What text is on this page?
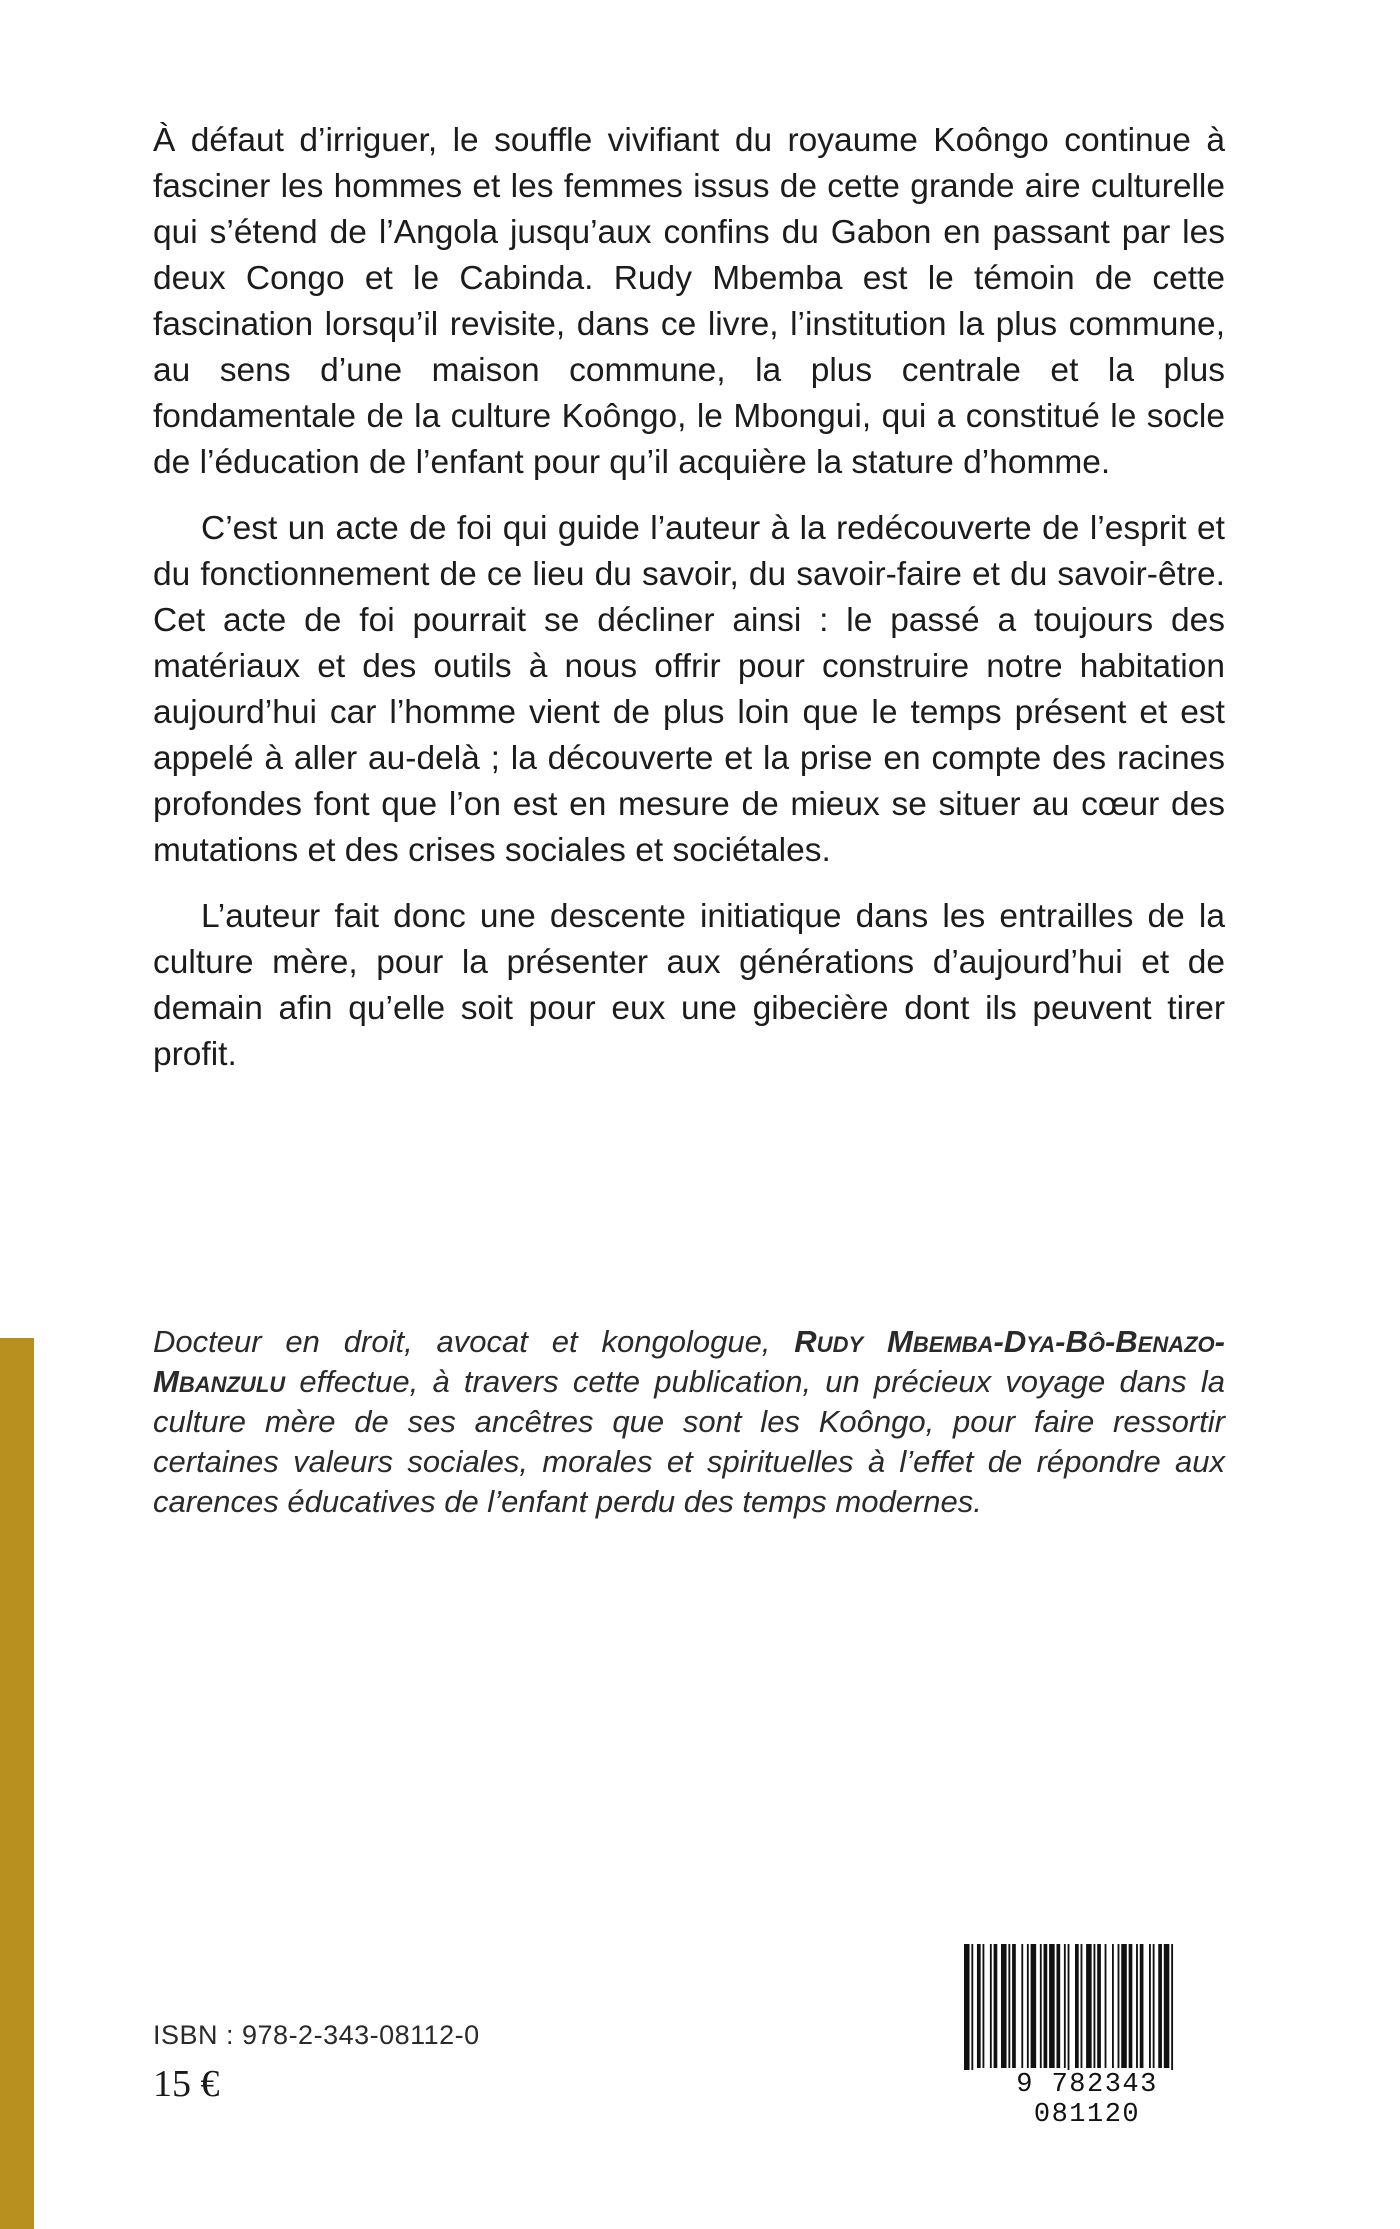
À défaut d’irriguer, le souffle vivifiant du royaume Koôngo continue à fasciner les hommes et les femmes issus de cette grande aire culturelle qui s’étend de l’Angola jusqu’aux confins du Gabon en passant par les deux Congo et le Cabinda. Rudy Mbemba est le témoin de cette fascination lorsqu’il revisite, dans ce livre, l’institution la plus commune, au sens d’une maison commune, la plus centrale et la plus fondamentale de la culture Koôngo, le Mbongui, qui a constitué le socle de l’éducation de l’enfant pour qu’il acquière la stature d’homme.

C’est un acte de foi qui guide l’auteur à la redécouverte de l’esprit et du fonctionnement de ce lieu du savoir, du savoir-faire et du savoir-être. Cet acte de foi pourrait se décliner ainsi : le passé a toujours des matériaux et des outils à nous offrir pour construire notre habitation aujourd’hui car l’homme vient de plus loin que le temps présent et est appelé à aller au-delà ; la découverte et la prise en compte des racines profondes font que l’on est en mesure de mieux se situer au cœur des mutations et des crises sociales et sociétales.

L’auteur fait donc une descente initiatique dans les entrailles de la culture mère, pour la présenter aux générations d’aujourd’hui et de demain afin qu’elle soit pour eux une gibecière dont ils peuvent tirer profit.

Docteur en droit, avocat et kongologue, Rudy Mbemba-Dya-Bô-Benazo-Mbanzulu effectue, à travers cette publication, un précieux voyage dans la culture mère de ses ancêtres que sont les Koôngo, pour faire ressortir certaines valeurs sociales, morales et spirituelles à l’effet de répondre aux carences éducatives de l’enfant perdu des temps modernes.
ISBN : 978-2-343-08112-0
15 €	9 782343 081120
